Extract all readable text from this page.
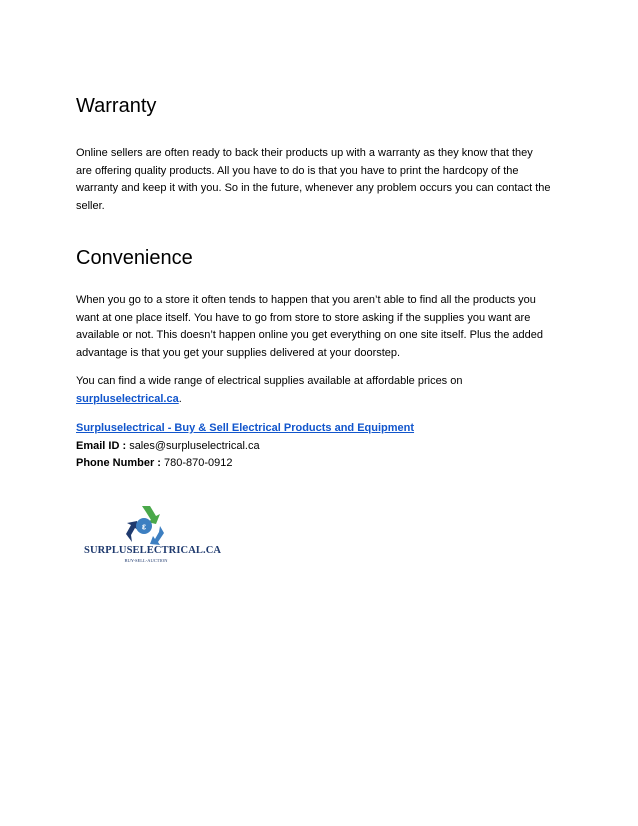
Warranty

Online sellers are often ready to back their products up with a warranty as they know that they are offering quality products. All you have to do is that you have to print the hardcopy of the warranty and keep it with you. So in the future, whenever any problem occurs you can contact the seller.

Convenience

When you go to a store it often tends to happen that you aren’t able to find all the products you want at one place itself. You have to go from store to store asking if the supplies you want are available or not. This doesn’t happen online you get everything on one site itself. Plus the added advantage is that you get your supplies delivered at your doorstep.

You can find a wide range of electrical supplies available at affordable prices on surpluselectrical.ca.

Surpluselectrical - Buy & Sell Electrical Products and Equipment
Email ID : sales@surpluselectrical.ca
Phone Number : 780-870-0912
ε
SURPLUSELECTRICAL.CA
BUY-SELL-AUCTION
